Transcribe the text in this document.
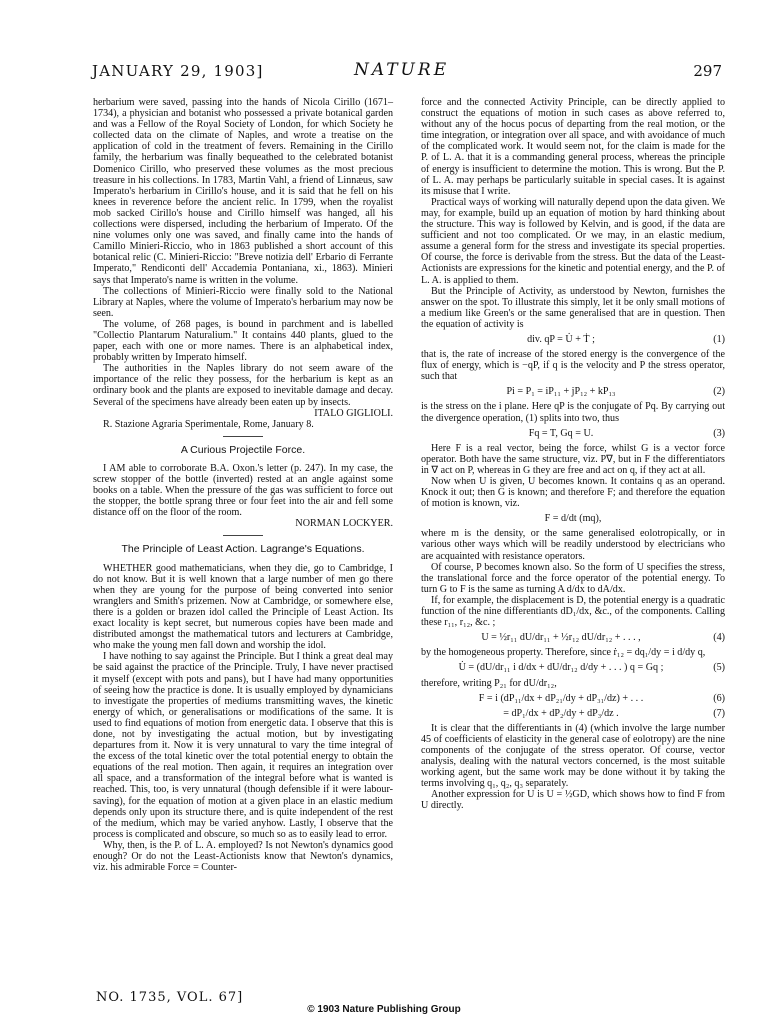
JANUARY 29, 1903]	NATURE	297

herbarium were saved, passing into the hands of Nicola Cirillo (1671–1734), a physician and botanist who possessed a private botanical garden and was a Fellow of the Royal Society of London, for which Society he collected data on the climate of Naples, and wrote a treatise on the application of cold in the treatment of fevers. Remaining in the Cirillo family, the herbarium was finally bequeathed to the celebrated botanist Domenico Cirillo, who preserved these volumes as the most precious treasure in his collections. In 1783, Martin Vahl, a friend of Linnæus, saw Imperato's herbarium in Cirillo's house, and it is said that he fell on his knees in reverence before the ancient relic. In 1799, when the royalist mob sacked Cirillo's house and Cirillo himself was hanged, all his collections were dispersed, including the herbarium of Imperato. Of the nine volumes only one was saved, and finally came into the hands of Camillo Minieri-Riccio, who in 1863 published a short account of this botanical relic (C. Minieri-Riccio: "Breve notizia dell' Erbario di Ferrante Imperato," Rendiconti dell' Accademia Pontaniana, xi., 1863). Minieri says that Imperato's name is written in the volume.

The collections of Minieri-Riccio were finally sold to the National Library at Naples, where the volume of Imperato's herbarium may now be seen.

The volume, of 268 pages, is bound in parchment and is labelled "Collectio Plantarum Naturalium." It contains 440 plants, glued to the paper, each with one or more names. There is an alphabetical index, probably written by Imperato himself.

The authorities in the Naples library do not seem aware of the importance of the relic they possess, for the herbarium is kept as an ordinary book and the plants are exposed to inevitable damage and decay. Several of the specimens have already been eaten up by insects.

ITALO GIGLIOLI.

R. Stazione Agraria Sperimentale, Rome, January 8.

A Curious Projectile Force.

I AM able to corroborate B.A. Oxon.'s letter (p. 247). In my case, the screw stopper of the bottle (inverted) rested at an angle against some books on a table. When the pressure of the gas was sufficient to force out the stopper, the bottle sprang three or four feet into the air and fell some distance off on the floor of the room.

NORMAN LOCKYER.

The Principle of Least Action. Lagrange's Equations.

WHETHER good mathematicians, when they die, go to Cambridge, I do not know. But it is well known that a large number of men go there when they are young for the purpose of being converted into senior wranglers and Smith's prizemen. Now at Cambridge, or somewhere else, there is a golden or brazen idol called the Principle of Least Action. Its exact locality is kept secret, but numerous copies have been made and distributed amongst the mathematical tutors and lecturers at Cambridge, who make the young men fall down and worship the idol.

I have nothing to say against the Principle. But I think a great deal may be said against the practice of the Principle. Truly, I have never practised it myself (except with pots and pans), but I have had many opportunities of seeing how the practice is done. It is usually employed by dynamicians to investigate the properties of mediums transmitting waves, the kinetic energy of which, or generalisations or modifications of the same. It is used to find equations of motion from energetic data. I observe that this is done, not by investigating the actual motion, but by investigating departures from it. Now it is very unnatural to vary the time integral of the excess of the total kinetic over the total potential energy to obtain the equations of the real motion. Then again, it requires an integration over all space, and a transformation of the integral before what is wanted is reached. This, too, is very unnatural (though defensible if it were labour-saving), for the equation of motion at a given place in an elastic medium depends only upon its structure there, and is quite independent of the rest of the medium, which may be varied anyhow. Lastly, I observe that the process is complicated and obscure, so much so as to easily lead to error.

Why, then, is the P. of L. A. employed? Is not Newton's dynamics good enough? Or do not the Least-Actionists know that Newton's dynamics, viz. his admirable Force = Counter-

force and the connected Activity Principle, can be directly applied to construct the equations of motion in such cases as above referred to, without any of the hocus pocus of departing from the real motion, or the time integration, or integration over all space, and with avoidance of much of the complicated work. It would seem not, for the claim is made for the P. of L. A. that it is a commanding general process, whereas the principle of energy is insufficient to determine the motion. This is wrong. But the P. of L. A. may perhaps be particularly suitable in special cases. It is against its misuse that I write.

Practical ways of working will naturally depend upon the data given. We may, for example, build up an equation of motion by hard thinking about the structure. This way is followed by Kelvin, and is good, if the data are sufficient and not too complicated. Or we may, in an elastic medium, assume a general form for the stress and investigate its special properties. Of course, the force is derivable from the stress. But the data of the Least-Actionists are expressions for the kinetic and potential energy, and the P. of L. A. is applied to them.

But the Principle of Activity, as understood by Newton, furnishes the answer on the spot. To illustrate this simply, let it be only small motions of a medium like Green's or the same generalised that are in question. Then the equation of activity is

div. qP = U̇ + Ṫ ;	(1)

that is, the rate of increase of the stored energy is the convergence of the flux of energy, which is −qP, if q is the velocity and P the stress operator, such that

Pi = P₁ = iP₁₁ + jP₁₂ + kP₁₃	(2)

is the stress on the i plane. Here qP is the conjugate of Pq. By carrying out the divergence operation, (1) splits into two, thus

Fq = T, Gq = U.	(3)

Here F is a real vector, being the force, whilst G is a vector force operator. Both have the same structure, viz. P∇, but in F the differentiators in ∇ act on P, whereas in G they are free and act on q, if they act at all.

Now when U is given, U becomes known. It contains q as an operand. Knock it out; then G is known; and therefore F; and therefore the equation of motion is known, viz.

F = d/dt (mq),

where m is the density, or the same generalised eolotropically, or in various other ways which will be readily understood by electricians who are acquainted with resistance operators.

Of course, P becomes known also. So the form of U specifies the stress, the translational force and the force operator of the potential energy. To turn G to F is the same as turning A d/dx to dA/dx.

If, for example, the displacement is D, the potential energy is a quadratic function of the nine differentiants dD₁/dx, &c., of the components. Calling these r₁₁, r₁₂, &c. ;

U = ½r₁₁ dU/dr₁₁ + ½r₁₂ dU/dr₁₂ + . . . ,	(4)

by the homogeneous property. Therefore, since ṙ₁₂ = dq₁/dy = i d/dy q,

U̇ = (dU/dr₁₁ i d/dx + dU/dr₁₂ d/dy + . . . ) q = Gq ;	(5)

therefore, writing P₂₁ for dU/dr₁₂,

F = i (dP₁₁/dx + dP₂₁/dy + dP₃₁/dz) + . . .	(6)
= dP₁/dx + dP₂/dy + dP₃/dz .	(7)

It is clear that the differentiants in (4) (which involve the large number 45 of coefficients of elasticity in the general case of eolotropy) are the nine components of the conjugate of the stress operator. Of course, vector analysis, dealing with the natural vectors concerned, is the most suitable working agent, but the same work may be done without it by taking the terms involving q₁, q₂, q₃ separately.

Another expression for U is U = ½GD, which shows how to find F from U directly.

NO. 1735, VOL. 67]
© 1903 Nature Publishing Group
